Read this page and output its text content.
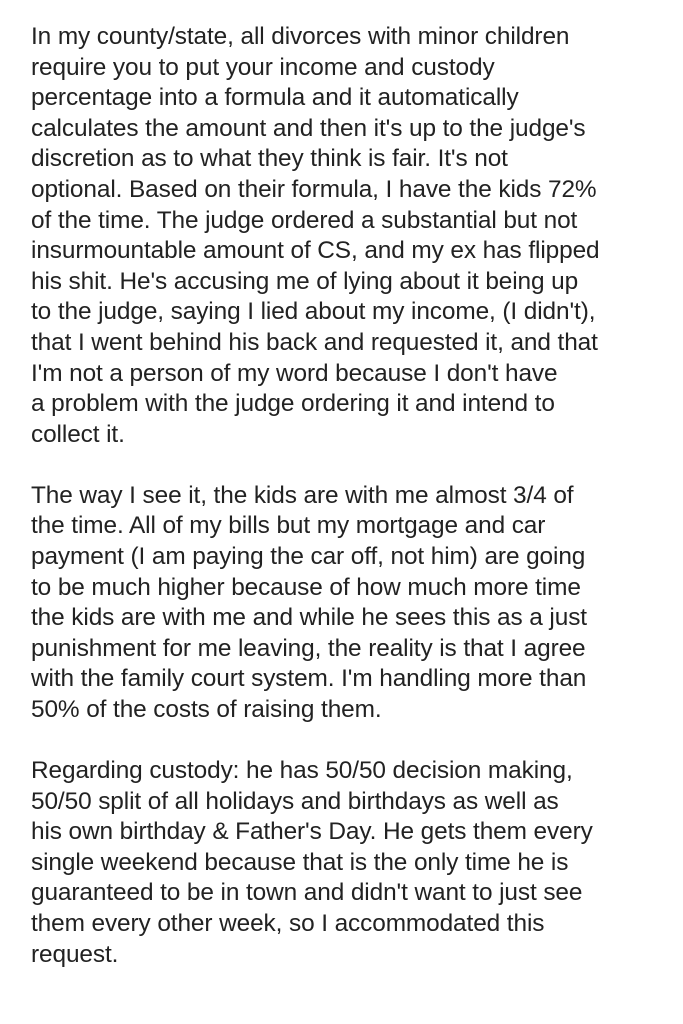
In my county/state, all divorces with minor children
require you to put your income and custody
percentage into a formula and it automatically
calculates the amount and then it's up to the judge's
discretion as to what they think is fair. It's not
optional. Based on their formula, I have the kids 72%
of the time. The judge ordered a substantial but not
insurmountable amount of CS, and my ex has flipped
his shit. He's accusing me of lying about it being up
to the judge, saying I lied about my income, (I didn't),
that I went behind his back and requested it, and that
I'm not a person of my word because I don't have
a problem with the judge ordering it and intend to
collect it.

The way I see it, the kids are with me almost 3/4 of
the time. All of my bills but my mortgage and car
payment (I am paying the car off, not him) are going
to be much higher because of how much more time
the kids are with me and while he sees this as a just
punishment for me leaving, the reality is that I agree
with the family court system. I'm handling more than
50% of the costs of raising them.

Regarding custody: he has 50/50 decision making,
50/50 split of all holidays and birthdays as well as
his own birthday & Father's Day. He gets them every
single weekend because that is the only time he is
guaranteed to be in town and didn't want to just see
them every other week, so I accommodated this
request.
